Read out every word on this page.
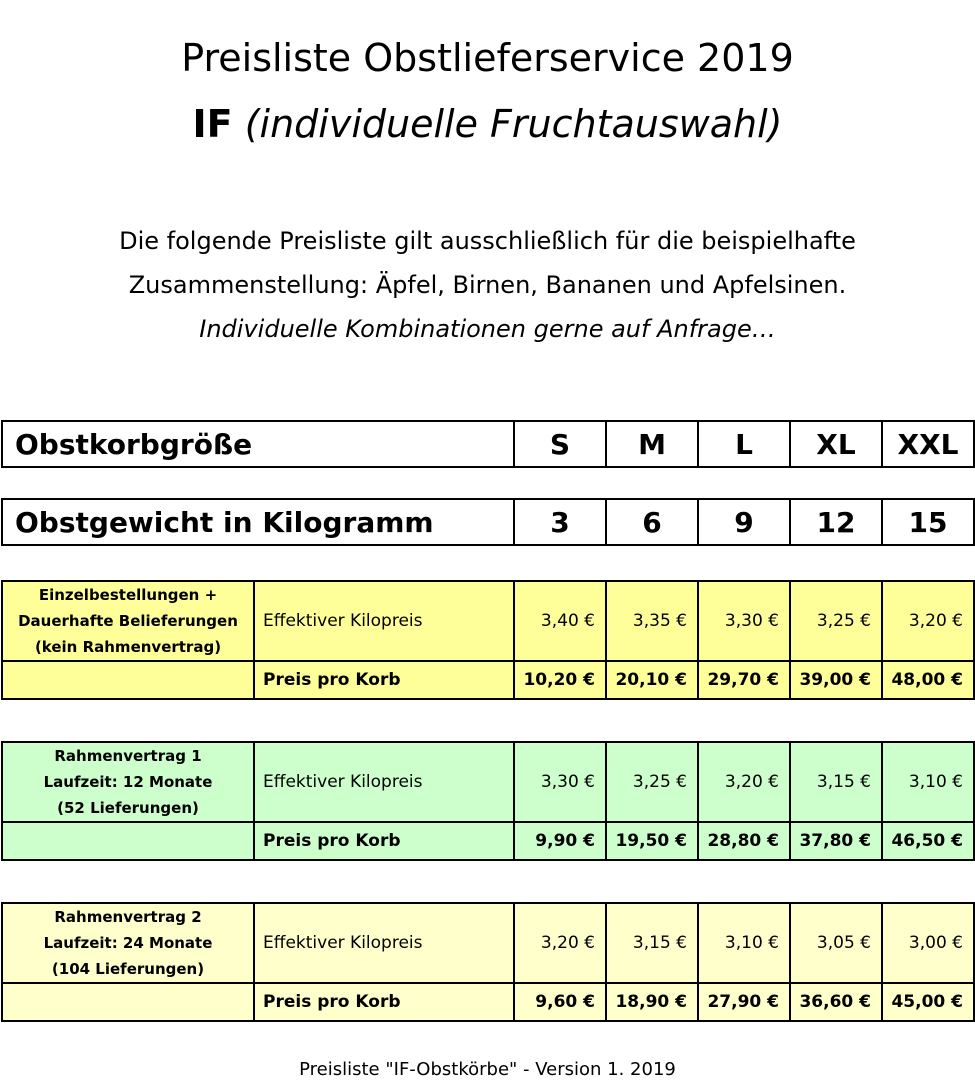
Preisliste Obstlieferservice 2019
IF (individuelle Fruchtauswahl)
Die folgende Preisliste gilt ausschließlich für die beispielhafte
Zusammenstellung: Äpfel, Birnen, Bananen und Apfelsinen.
Individuelle Kombinationen gerne auf Anfrage…
Obstkorbgröße	S	M	L	XL	XXL
Obstgewicht in Kilogramm	3	6	9	12	15
Einzelbestellungen +
Dauerhafte Belieferungen
(kein Rahmenvertrag)	Effektiver Kilopreis	3,40 €	3,35 €	3,30 €	3,25 €	3,20 €
	Preis pro Korb	10,20 €	20,10 €	29,70 €	39,00 €	48,00 €
Rahmenvertrag 1
Laufzeit: 12 Monate
(52 Lieferungen)	Effektiver Kilopreis	3,30 €	3,25 €	3,20 €	3,15 €	3,10 €
	Preis pro Korb	9,90 €	19,50 €	28,80 €	37,80 €	46,50 €
Rahmenvertrag 2
Laufzeit: 24 Monate
(104 Lieferungen)	Effektiver Kilopreis	3,20 €	3,15 €	3,10 €	3,05 €	3,00 €
	Preis pro Korb	9,60 €	18,90 €	27,90 €	36,60 €	45,00 €
Preisliste "IF-Obstkörbe" - Version 1. 2019
